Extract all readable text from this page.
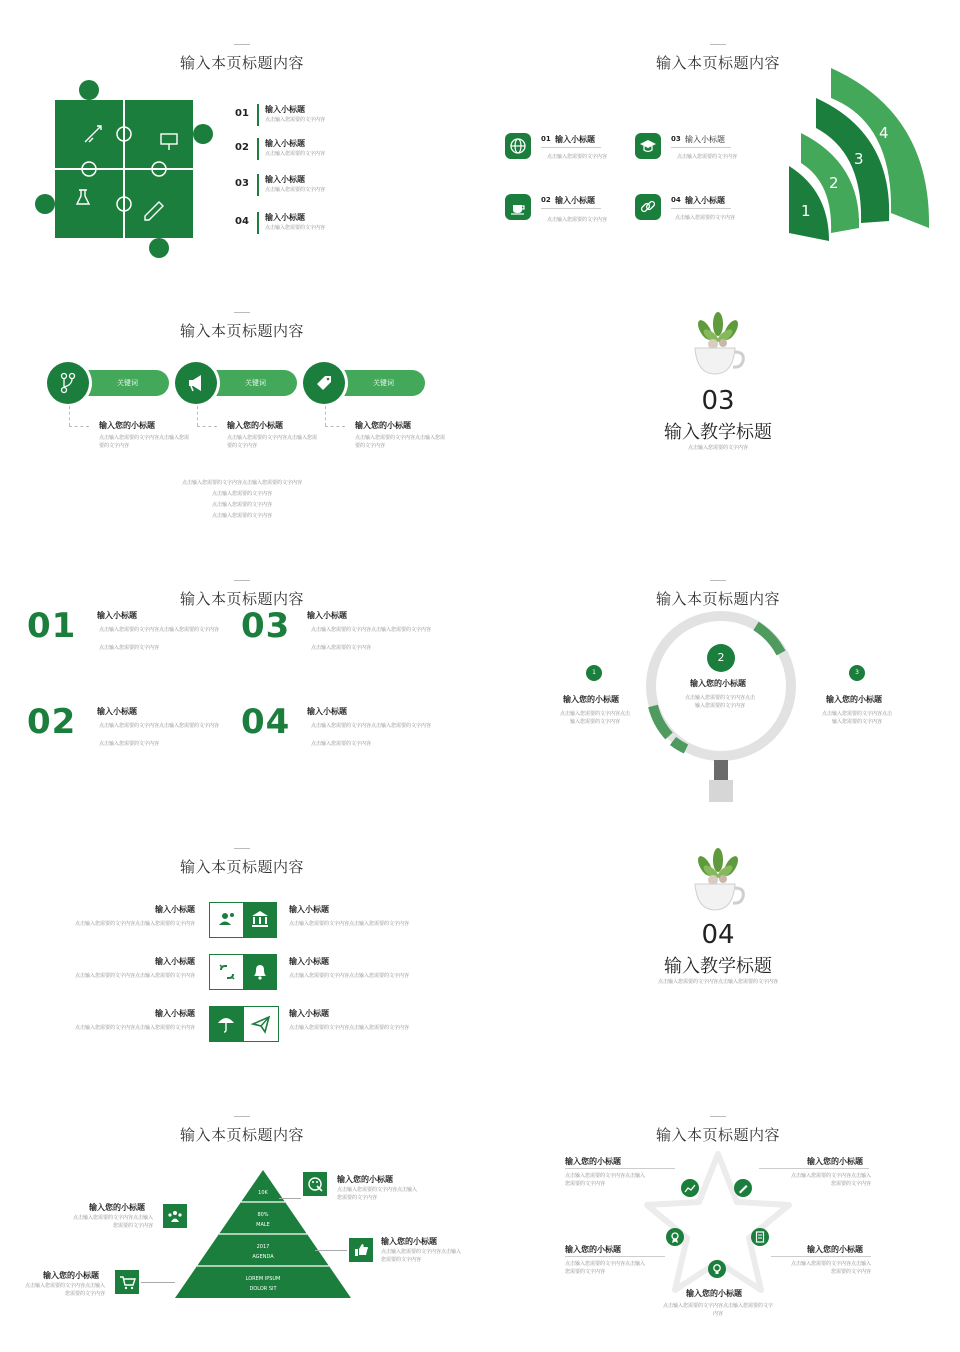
输入本页标题内容
01 输入小标题
点击输入您需要的文字内容
02 输入小标题
点击输入您需要的文字内容
03 输入小标题
点击输入您需要的文字内容
04 输入小标题
点击输入您需要的文字内容
输入本页标题内容
01 输入小标题
点击输入您需要的文字内容
03 输入小标题
点击输入您需要的文字内容
02 输入小标题
点击输入您需要的文字内容
04 输入小标题
点击输入您需要的文字内容
4
3
2
1
输入本页标题内容
关键词
输入您的小标题
点击输入您需要的文字内容点击输入您需要的文字内容
关键词
输入您的小标题
点击输入您需要的文字内容点击输入您需要的文字内容
关键词
输入您的小标题
点击输入您需要的文字内容点击输入您需要的文字内容
点击输入您需要的文字内容点击输入您需要的文字内容
点击输入您需要的文字内容
点击输入您需要的文字内容
点击输入您需要的文字内容
03
输入教学标题
点击输入您需要的文字内容
输入本页标题内容
01	输入小标题
点击输入您需要的文字内容点击输入您需要的文字内容
点击输入您需要的文字内容
03 输入小标题
点击输入您需要的文字内容点击输入您需要的文字内容
点击输入您需要的文字内容
02	输入小标题
点击输入您需要的文字内容点击输入您需要的文字内容
点击输入您需要的文字内容
04 输入小标题
点击输入您需要的文字内容点击输入您需要的文字内容
点击输入您需要的文字内容
输入本页标题内容
2
输入您的小标题
点击输入您需要的文字内容点击输入您需要的文字内容
1
输入您的小标题
点击输入您需要的文字内容点击输入您需要的文字内容
3
输入您的小标题
点击输入您需要的文字内容点击输入您需要的文字内容
输入本页标题内容
输入小标题
点击输入您需要的文字内容点击输入您需要的文字内容
输入小标题
点击输入您需要的文字内容点击输入您需要的文字内容
输入小标题
点击输入您需要的文字内容点击输入您需要的文字内容
输入小标题
点击输入您需要的文字内容点击输入您需要的文字内容
输入小标题
点击输入您需要的文字内容点击输入您需要的文字内容
输入小标题
点击输入您需要的文字内容点击输入您需要的文字内容
04
输入教学标题
点击输入您需要的文字内容点击输入您需要的文字内容
输入本页标题内容
10K
80%
MALE
2017
AGENDA
LOREM IPSUM
DOLOR SIT
输入您的小标题
点击输入您需要的文字内容点击输入您需要的文字内容
输入您的小标题
点击输入您需要的文字内容点击输入您需要的文字内容
输入您的小标题
点击输入您需要的文字内容点击输入您需要的文字内容
输入您的小标题
点击输入您需要的文字内容点击输入您需要的文字内容
输入本页标题内容
输入您的小标题
点击输入您需要的文字内容点击输入您需要的文字内容
输入您的小标题
点击输入您需要的文字内容点击输入您需要的文字内容
输入您的小标题
点击输入您需要的文字内容点击输入您需要的文字内容
输入您的小标题
点击输入您需要的文字内容点击输入您需要的文字内容
输入您的小标题
点击输入您需要的文字内容点击输入您需要的文字内容
